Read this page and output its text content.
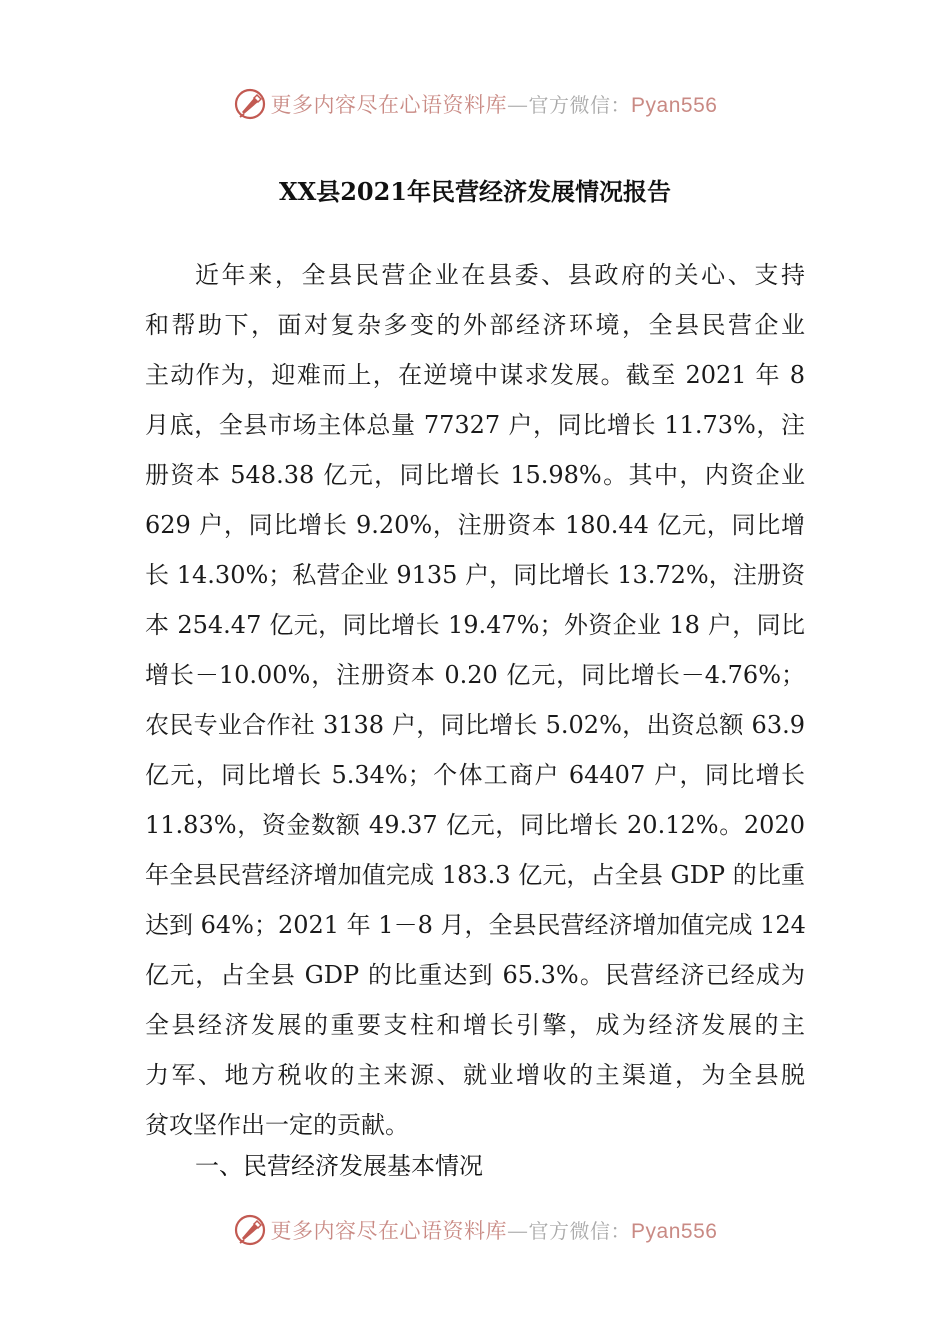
更多内容尽在心语资料库—官方微信：Pyan556
XX县2021年民营经济发展情况报告
近年来，全县民营企业在县委、县政府的关心、支持
和帮助下，面对复杂多变的外部经济环境，全县民营企业
主动作为，迎难而上，在逆境中谋求发展。截至 2021 年 8
月底，全县市场主体总量 77327 户，同比增长 11.73%，注
册资本 548.38 亿元，同比增长 15.98%。其中，内资企业
629 户，同比增长 9.20%，注册资本 180.44 亿元，同比增
长 14.30%；私营企业 9135 户，同比增长 13.72%，注册资
本 254.47 亿元，同比增长 19.47%；外资企业 18 户，同比
增长－10.00%，注册资本 0.20 亿元，同比增长－4.76%；
农民专业合作社 3138 户，同比增长 5.02%，出资总额 63.9
亿元，同比增长 5.34%；个体工商户 64407 户，同比增长
11.83%，资金数额 49.37 亿元，同比增长 20.12%。2020
年全县民营经济增加值完成 183.3 亿元，占全县 GDP 的比重
达到 64%；2021 年 1－8 月，全县民营经济增加值完成 124
亿元，占全县 GDP 的比重达到 65.3%。民营经济已经成为
全县经济发展的重要支柱和增长引擎，成为经济发展的主
力军、地方税收的主来源、就业增收的主渠道，为全县脱
贫攻坚作出一定的贡献。
一、民营经济发展基本情况
更多内容尽在心语资料库—官方微信：Pyan556
